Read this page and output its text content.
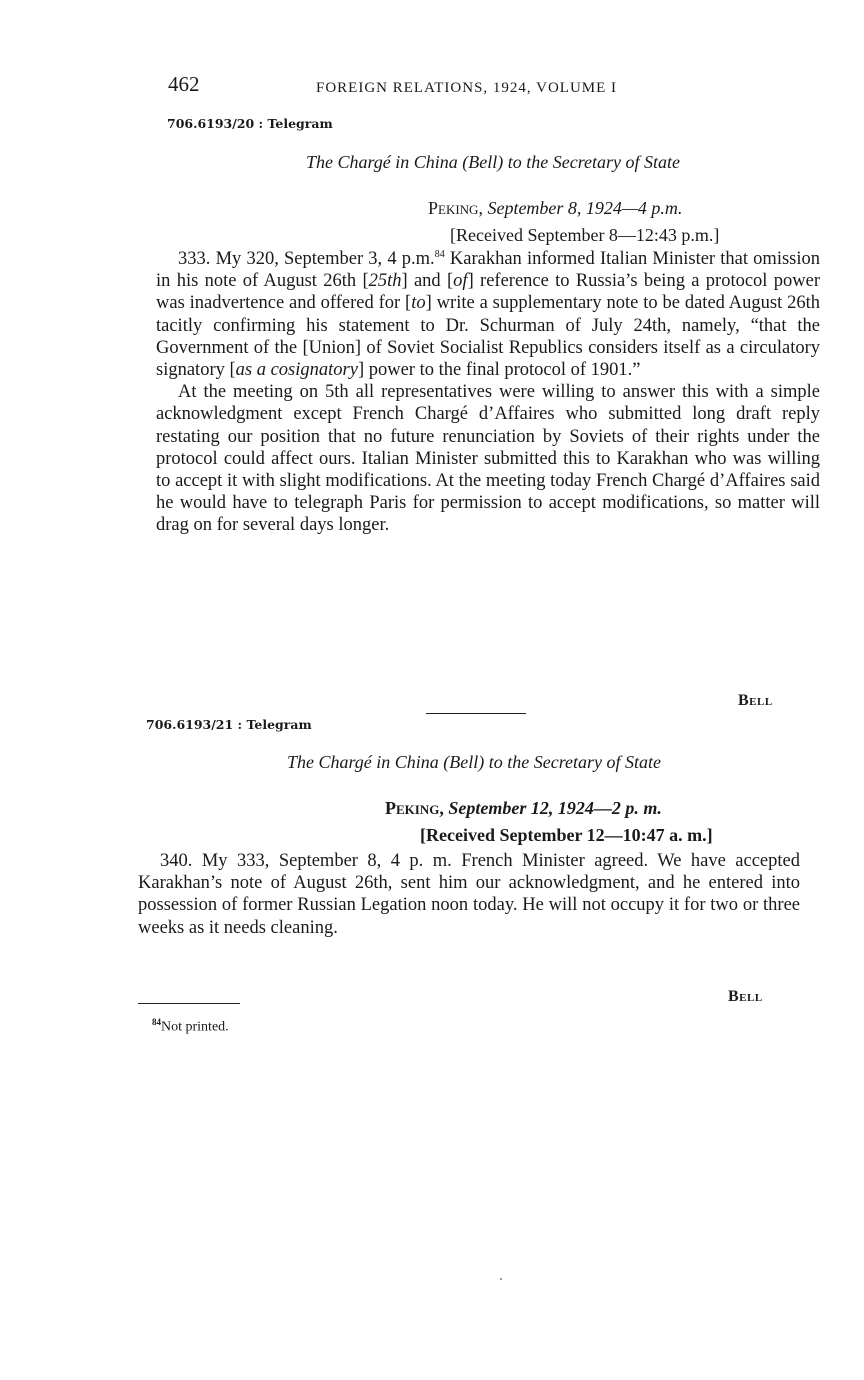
462	FOREIGN RELATIONS, 1924, VOLUME I
706.6193/20 : Telegram
The Chargé in China (Bell) to the Secretary of State
Peking, September 8, 1924—4 p.m.
[Received September 8—12:43 p.m.]

333. My 320, September 3, 4 p.m.$^{84}$ Karakhan informed Italian Minister that omission in his note of August 26th [25th] and [of] reference to Russia’s being a protocol power was inadvertence and offered for [to] write a supplementary note to be dated August 26th tacitly confirming his statement to Dr. Schurman of July 24th, namely, “that the Government of the [Union] of Soviet Socialist Republics considers itself as a circulatory signatory [as a cosignatory] power to the final protocol of 1901.”

At the meeting on 5th all representatives were willing to answer this with a simple acknowledgment except French Chargé d’Affaires who submitted long draft reply restating our position that no future renunciation by Soviets of their rights under the protocol could affect ours. Italian Minister submitted this to Karakhan who was willing to accept it with slight modifications. At the meeting today French Chargé d’Affaires said he would have to telegraph Paris for permission to accept modifications, so matter will drag on for several days longer.

Bell
706.6193/21 : Telegram
The Chargé in China (Bell) to the Secretary of State
Peking, September 12, 1924—2 p. m.
[Received September 12—10:47 a. m.]

340. My 333, September 8, 4 p. m. French Minister agreed. We have accepted Karakhan’s note of August 26th, sent him our acknowledgment, and he entered into possession of former Russian Legation noon today. He will not occupy it for two or three weeks as it needs cleaning.

Bell
$^{84}$Not printed.
